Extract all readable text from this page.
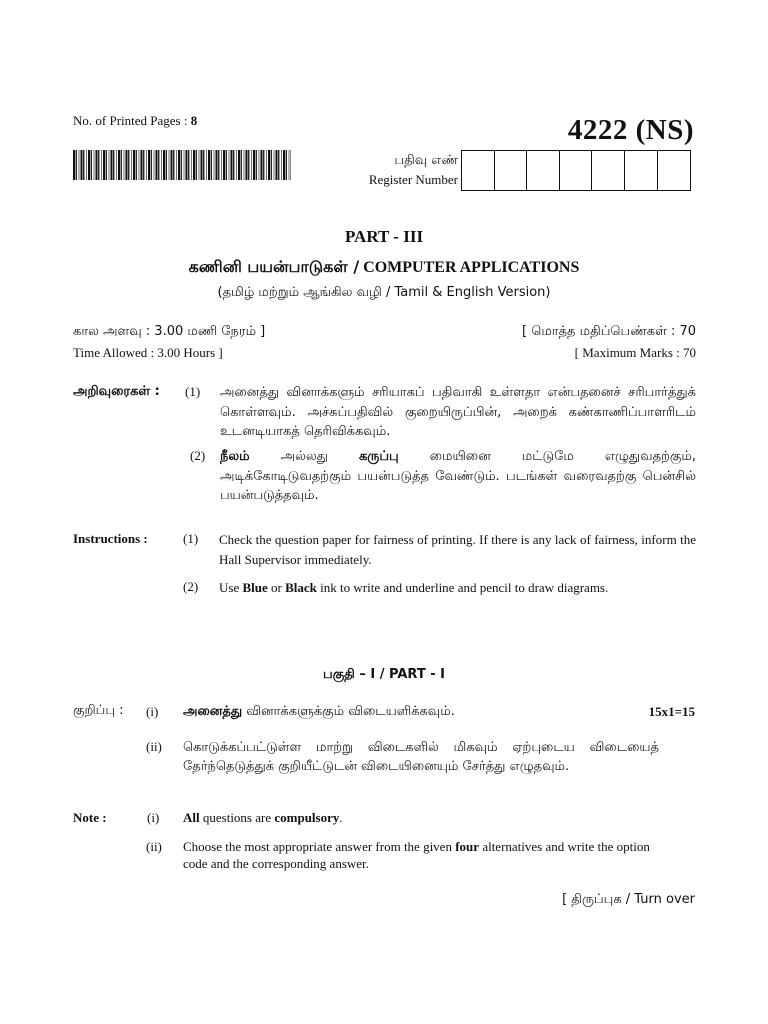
No. of Printed Pages : 8	4222 (NS)
பதிவு எண்
Register Number
PART - III
கணினி பயன்பாடுகள் / COMPUTER APPLICATIONS
(தமிழ் மற்றும் ஆங்கில வழி / Tamil & English Version)
கால அளவு : 3.00 மணி நேரம் ]	[ மொத்த மதிப்பெண்கள் : 70
Time Allowed : 3.00 Hours ]	[ Maximum Marks : 70
அறிவுரைகள் : (1) அனைத்து வினாக்களும் சரியாகப் பதிவாகி உள்ளதா என்பதனைச் சரிபார்த்துக் கொள்ளவும். அச்சுப்பதிவில் குறையிருப்பின், அறைக் கண்காணிப்பாளரிடம் உடனடியாகத் தெரிவிக்கவும்.
(2) நீலம் அல்லது கருப்பு மையினை மட்டுமே எழுதுவதற்கும், அடிக்கோடிடுவதற்கும் பயன்படுத்த வேண்டும். படங்கள் வரைவதற்கு பென்சில் பயன்படுத்தவும்.
Instructions :	(1) Check the question paper for fairness of printing. If there is any lack of fairness, inform the Hall Supervisor immediately.
(2) Use Blue or Black ink to write and underline and pencil to draw diagrams.
பகுதி – I / PART - I
குறிப்பு : (i) அனைத்து வினாக்களுக்கும் விடையளிக்கவும்.	15x1=15
(ii) கொடுக்கப்பட்டுள்ள மாற்று விடைகளில் மிகவும் ஏற்புடைய விடையைத் தேர்ந்தெடுத்துக் குறியீட்டுடன் விடையினையும் சேர்த்து எழுதவும்.
Note :	(i) All questions are compulsory.
(ii) Choose the most appropriate answer from the given four alternatives and write the option code and the corresponding answer.
[ திருப்புக / Turn over
